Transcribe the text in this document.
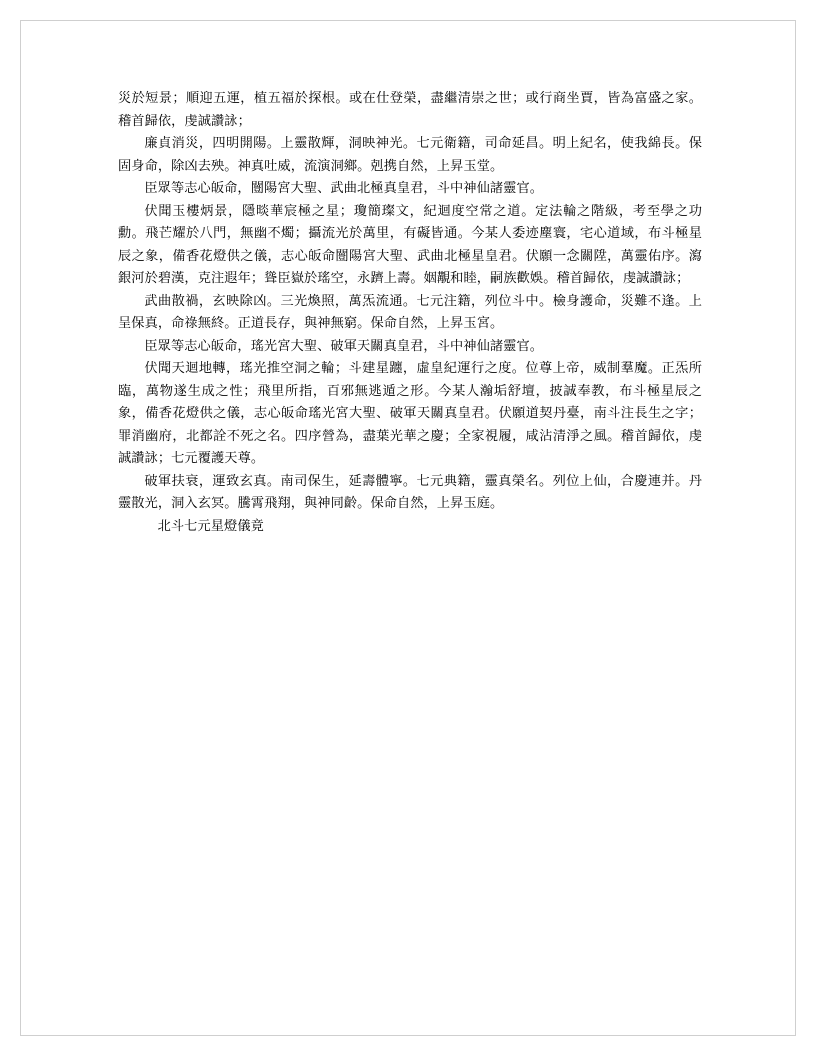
災於短景；順迎五運，植五福於探根。或在仕登榮，盡繼清崇之世；或行商坐賈，皆為富盛之家。稽首歸依，虔誠讚詠；

廉貞消災，四明開陽。上靈散輝，洞映神光。七元衛籍，司命延昌。明上紀名，使我綿長。保固身命，除凶去殃。神真吐威，流演洞鄉。剋携自然，上昇玉堂。

臣眾等志心皈命，闓陽宮大聖、武曲北極真皇君，斗中神仙諸靈官。

伏聞玉樓炳景，隱晱華宸極之星；瓊簡璨文，紀迴度空常之道。定法輪之階級，考至學之功勳。飛芒耀於八門，無幽不燭；攝流光於萬里，有礙皆通。今某人委迹塵寰，宅心道域，布斗極星辰之象，備香花燈供之儀，志心皈命闓陽宮大聖、武曲北極星皇君。伏願一念關陞，萬靈佑序。瀉銀河於碧漢，克注遐年；聳臣嶽於瑤空，永躋上壽。姻覯和睦，嗣族歡娛。稽首歸依，虔誠讚詠；

武曲散禍，玄映除凶。三光煥照，萬炁流通。七元注籍，列位斗中。檢身護命，災難不逢。上呈保真，命祿無終。正道長存，與神無窮。保命自然，上昇玉宮。

臣眾等志心皈命，瑤光宮大聖、破軍天關真皇君，斗中神仙諸靈官。

伏聞天迴地轉，瑤光推空洞之輪；斗建星躔，虛皇紀運行之度。位尊上帝，威制羣魔。正炁所臨，萬物遂生成之性；飛里所指，百邪無逃遁之形。今某人瀚垢舒壇，披誠奉教，布斗極星辰之象，備香花燈供之儀，志心皈命瑤光宮大聖、破軍天關真皇君。伏願道契丹臺，南斗注長生之字；罪消幽府，北都詮不死之名。四序營為，盡葉光華之慶；全家視履，咸沾清淨之風。稽首歸依，虔誠讚詠；七元覆護天尊。

破軍扶衰，運致玄真。南司保生，延壽體寧。七元典籍，靈真榮名。列位上仙，合慶連并。丹靈散光，洞入玄冥。騰霄飛翔，與神同齡。保命自然，上昇玉庭。

北斗七元星燈儀竟
